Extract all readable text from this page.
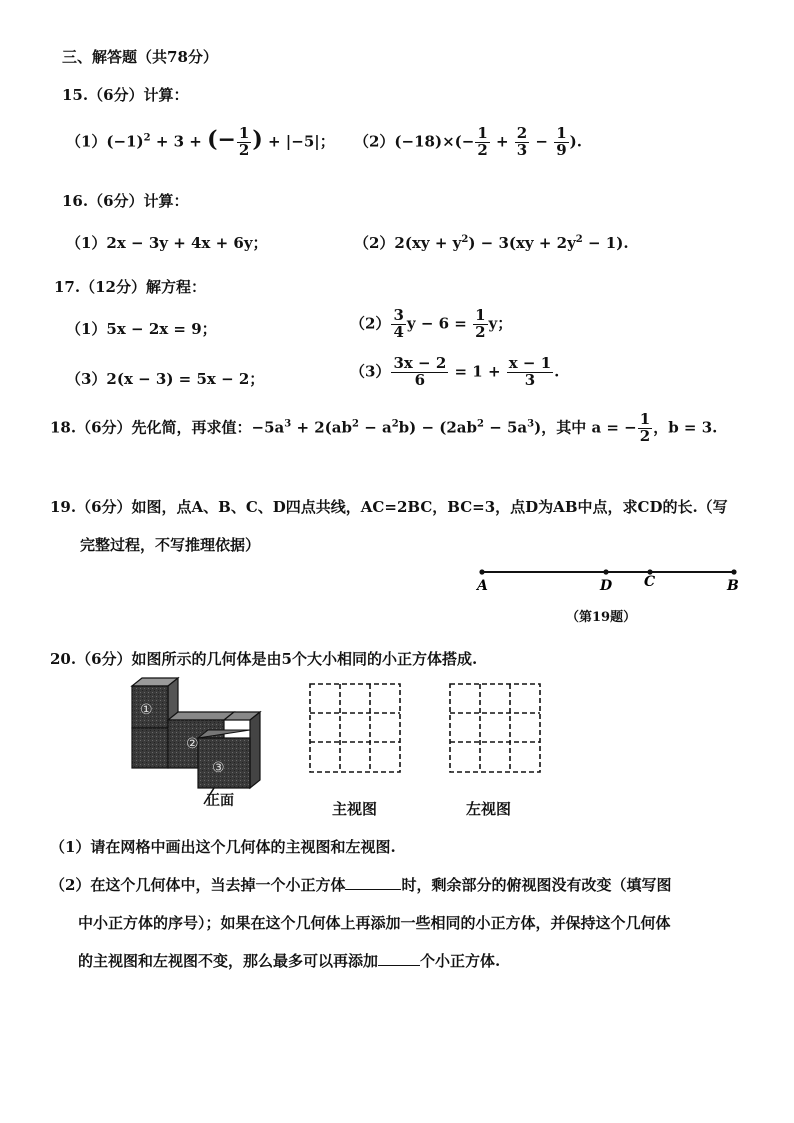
三、解答题（共78分）
15.（6分）计算：
$(1)(-1)^2 + 3$ + (− $\frac{1}{2}$ ) + |−5|； $(2)(-18)\times(- \frac{1}{2} + \frac{2}{3} - \frac{1}{9}$ ).
16.（6分）计算：
（1）2x − 3y + 4x + 6y；	$(2)2(xy + y^2) - 3(xy + 2y^2 - 1)$.
17.（12分）解方程：
（1）5x − 2x = 9；	$(2) \frac{3}{4}$ $y - 6 = \frac{1}{2}$ y；
（3）2(x − 3) = 5x − 2；	$(3) \frac{3x - 2}{6} = 1 + \frac{x - 1}{3}$ .
18.（6分）先化简，再求值：$-5a^3 + 2(ab^2 - a^2b) - (2ab^2 - 5a^3)$，其中 a = − $\frac{1}{2}$ ，b = 3.
19.（6分）如图，点A、B、C、D四点共线，AC=2BC，BC=3，点D为AB中点，求CD的长.（写
完整过程，不写推理依据）
A	D C	B
（第19题）
20.（6分）如图所示的几何体是由5个大小相同的小正方体搭成.
①
②
③
正面	主视图	左视图
（1）请在网格中画出这个几何体的主视图和左视图.
（2）在这个几何体中，当去掉一个小正方体	时，剩余部分的俯视图没有改变（填写图
中小正方体的序号）；如果在这个几何体上再添加一些相同的小正方体，并保持这个几何体
的主视图和左视图不变，那么最多可以再添加	个小正方体.
